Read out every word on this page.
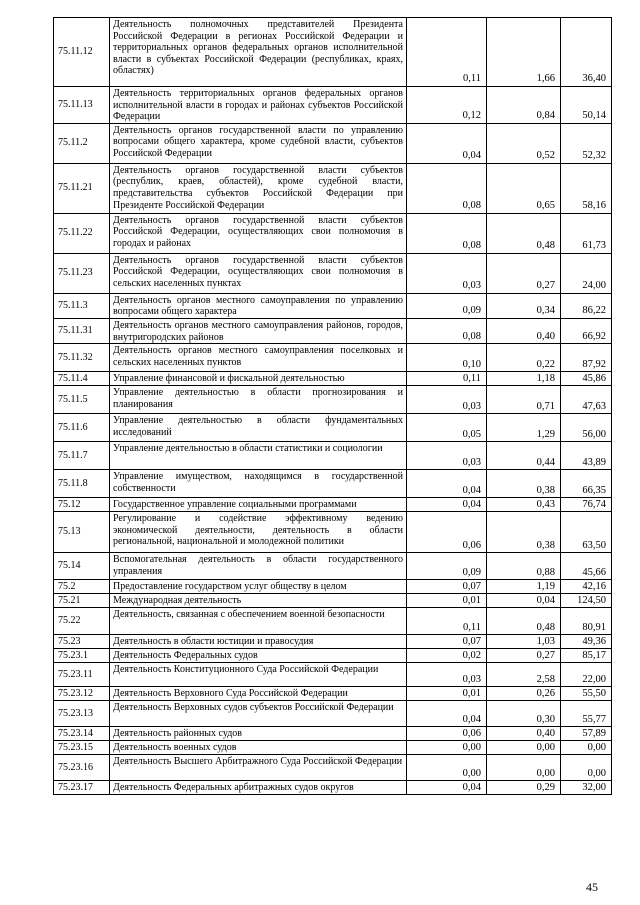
75.11.12	Деятельность полномочных представителей Президента Российской Федерации в регионах Российской Федерации и территориальных органов федеральных органов исполнительной власти в субъектах Российской Федерации (республиках, краях, областях)	0,11	1,66	36,40
75.11.13	Деятельность территориальных органов федеральных органов исполнительной власти в городах и районах субъектов Российской Федерации	0,12	0,84	50,14
75.11.2	Деятельность органов государственной власти по управлению вопросами общего характера, кроме судебной власти, субъектов Российской Федерации	0,04	0,52	52,32
75.11.21	Деятельность органов государственной власти субъектов (республик, краев, областей), кроме судебной власти, представительства субъектов Российской Федерации при Президенте Российской Федерации	0,08	0,65	58,16
75.11.22	Деятельность органов государственной власти субъектов Российской Федерации, осуществляющих свои полномочия в городах и районах	0,08	0,48	61,73
75.11.23	Деятельность органов государственной власти субъектов Российской Федерации, осуществляющих свои полномочия в сельских населенных пунктах	0,03	0,27	24,00
75.11.3	Деятельность органов местного самоуправления по управлению вопросами общего характера	0,09	0,34	86,22
75.11.31	Деятельность органов местного самоуправления районов, городов, внутригородских районов	0,08	0,40	66,92
75.11.32	Деятельность органов местного самоуправления поселковых и сельских населенных пунктов	0,10	0,22	87,92
75.11.4	Управление финансовой и фискальной деятельностью	0,11	1,18	45,86
75.11.5	Управление деятельностью в области прогнозирования и планирования	0,03	0,71	47,63
75.11.6	Управление деятельностью в области фундаментальных исследований	0,05	1,29	56,00
75.11.7	Управление деятельностью в области статистики и социологии	0,03	0,44	43,89
75.11.8	Управление имуществом, находящимся в государственной собственности	0,04	0,38	66,35
75.12	Государственное управление социальными программами	0,04	0,43	76,74
75.13	Регулирование и содействие эффективному ведению экономической деятельности, деятельность в области региональной, национальной и молодежной политики	0,06	0,38	63,50
75.14	Вспомогательная деятельность в области государственного управления	0,09	0,88	45,66
75.2	Предоставление государством услуг обществу в целом	0,07	1,19	42,16
75.21	Международная деятельность	0,01	0,04	124,50
75.22	Деятельность, связанная с обеспечением военной безопасности	0,11	0,48	80,91
75.23	Деятельность в области юстиции и правосудия	0,07	1,03	49,36
75.23.1	Деятельность Федеральных судов	0,02	0,27	85,17
75.23.11	Деятельность Конституционного Суда Российской Федерации	0,03	2,58	22,00
75.23.12	Деятельность Верховного Суда Российской Федерации	0,01	0,26	55,50
75.23.13	Деятельность Верховных судов субъектов Российской Федерации	0,04	0,30	55,77
75.23.14	Деятельность районных судов	0,06	0,40	57,89
75.23.15	Деятельность военных судов	0,00	0,00	0,00
75.23.16	Деятельность Высшего Арбитражного Суда Российской Федерации	0,00	0,00	0,00
75.23.17	Деятельность Федеральных арбитражных судов округов	0,04	0,29	32,00
45
